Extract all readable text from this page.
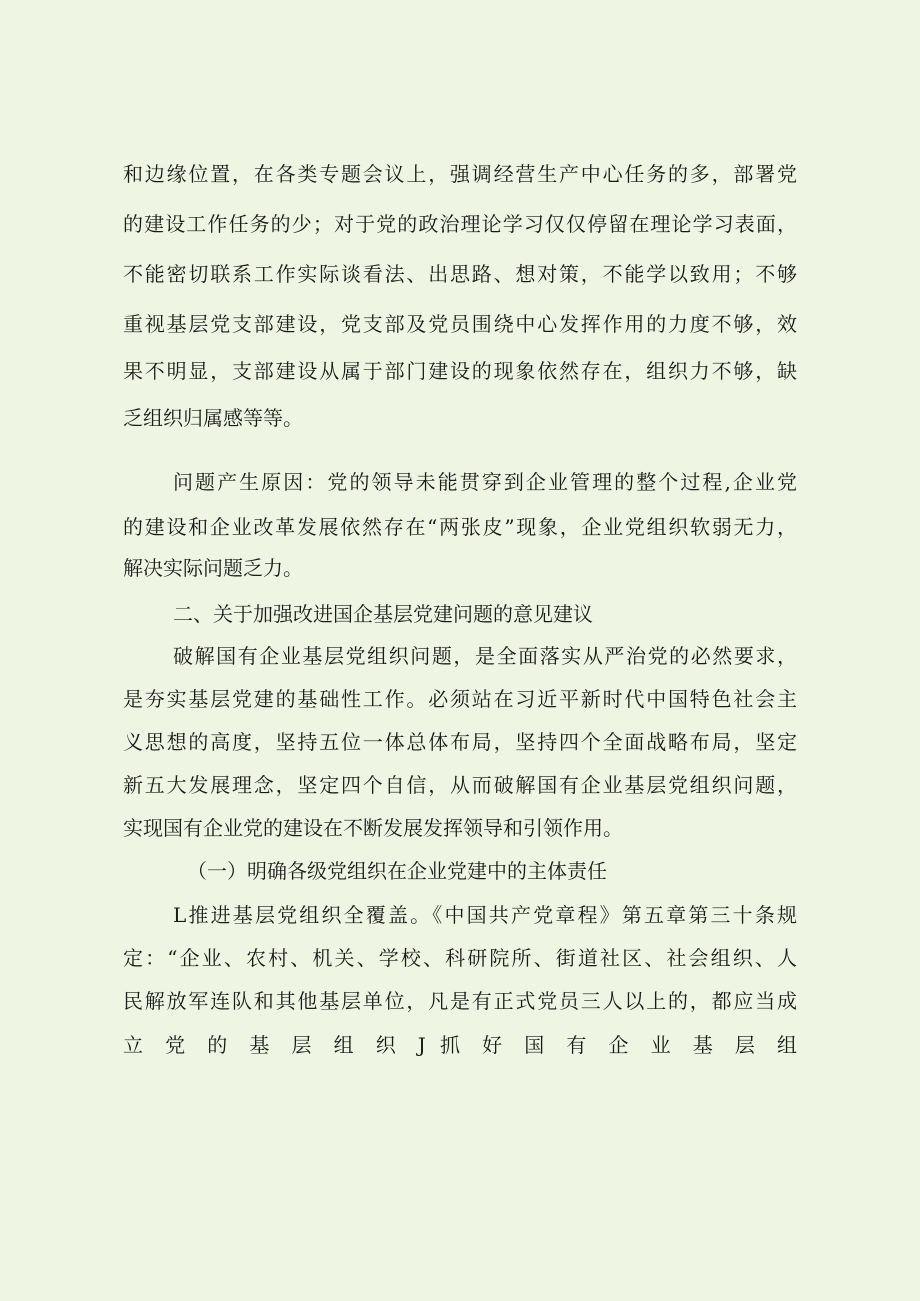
和边缘位置，在各类专题会议上，强调经营生产中心任务的多，部署党
的建设工作任务的少；对于党的政治理论学习仅仅停留在理论学习表面，
不能密切联系工作实际谈看法、出思路、想对策，不能学以致用；不够
重视基层党支部建设，党支部及党员围绕中心发挥作用的力度不够，效
果不明显，支部建设从属于部门建设的现象依然存在，组织力不够，缺
乏组织归属感等等。
问题产生原因：党的领导未能贯穿到企业管理的整个过程,企业党
的建设和企业改革发展依然存在“两张皮”现象，企业党组织软弱无力，
解决实际问题乏力。
二、关于加强改进国企基层党建问题的意见建议
破解国有企业基层党组织问题，是全面落实从严治党的必然要求，
是夯实基层党建的基础性工作。必须站在习近平新时代中国特色社会主
义思想的高度，坚持五位一体总体布局，坚持四个全面战略布局，坚定
新五大发展理念，坚定四个自信，从而破解国有企业基层党组织问题，
实现国有企业党的建设在不断发展发挥领导和引领作用。
（一）明确各级党组织在企业党建中的主体责任
L推进基层党组织全覆盖。《中国共产党章程》第五章第三十条规
定：“企业、农村、机关、学校、科研院所、街道社区、社会组织、人
民解放军连队和其他基层单位，凡是有正式党员三人以上的，都应当成
立 党 的 基 层 组 织 J 抓 好 国 有 企 业 基 层 组
